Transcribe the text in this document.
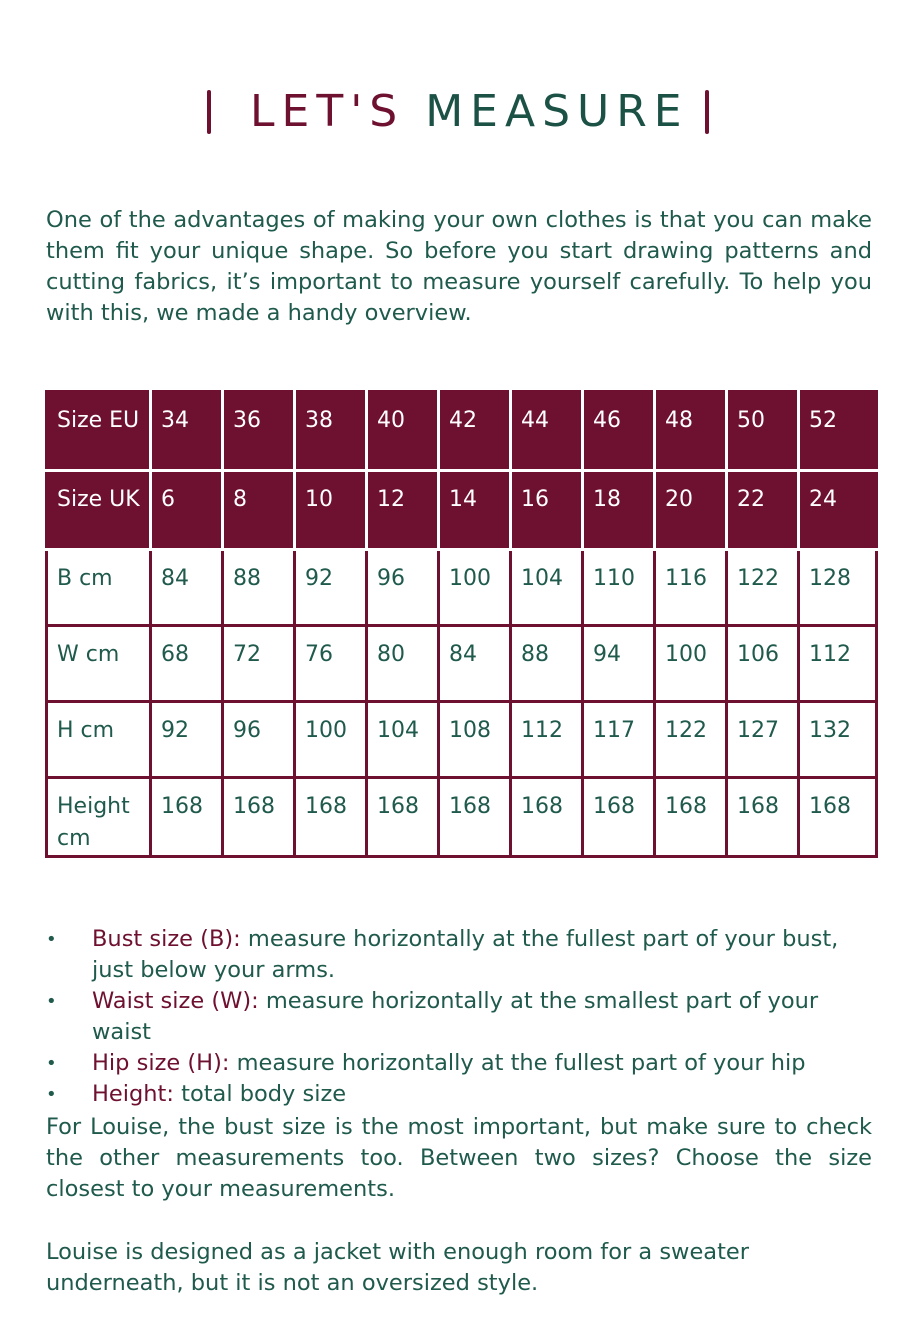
LET'S MEASURE

One of the advantages of making your own clothes is that you can make them fit your unique shape. So before you start drawing patterns and cutting fabrics, it’s important to measure yourself carefully. To help you with this, we made a handy overview.

Size EU	34	36	38	40	42	44	46	48	50	52
Size UK	6	8	10	12	14	16	18	20	22	24
B cm	84	88	92	96	100	104	110	116	122	128
W cm	68	72	76	80	84	88	94	100	106	112
H cm	92	96	100	104	108	112	117	122	127	132
Height cm	168	168	168	168	168	168	168	168	168	168
• Bust size (B): measure horizontally at the fullest part of your bust, just below your arms.
• Waist size (W): measure horizontally at the smallest part of your waist
• Hip size (H): measure horizontally at the fullest part of your hip
• Height: total body size

For Louise, the bust size is the most important, but make sure to check the other measurements too. Between two sizes? Choose the size closest to your measurements.

Louise is designed as a jacket with enough room for a sweater underneath, but it is not an oversized style.
